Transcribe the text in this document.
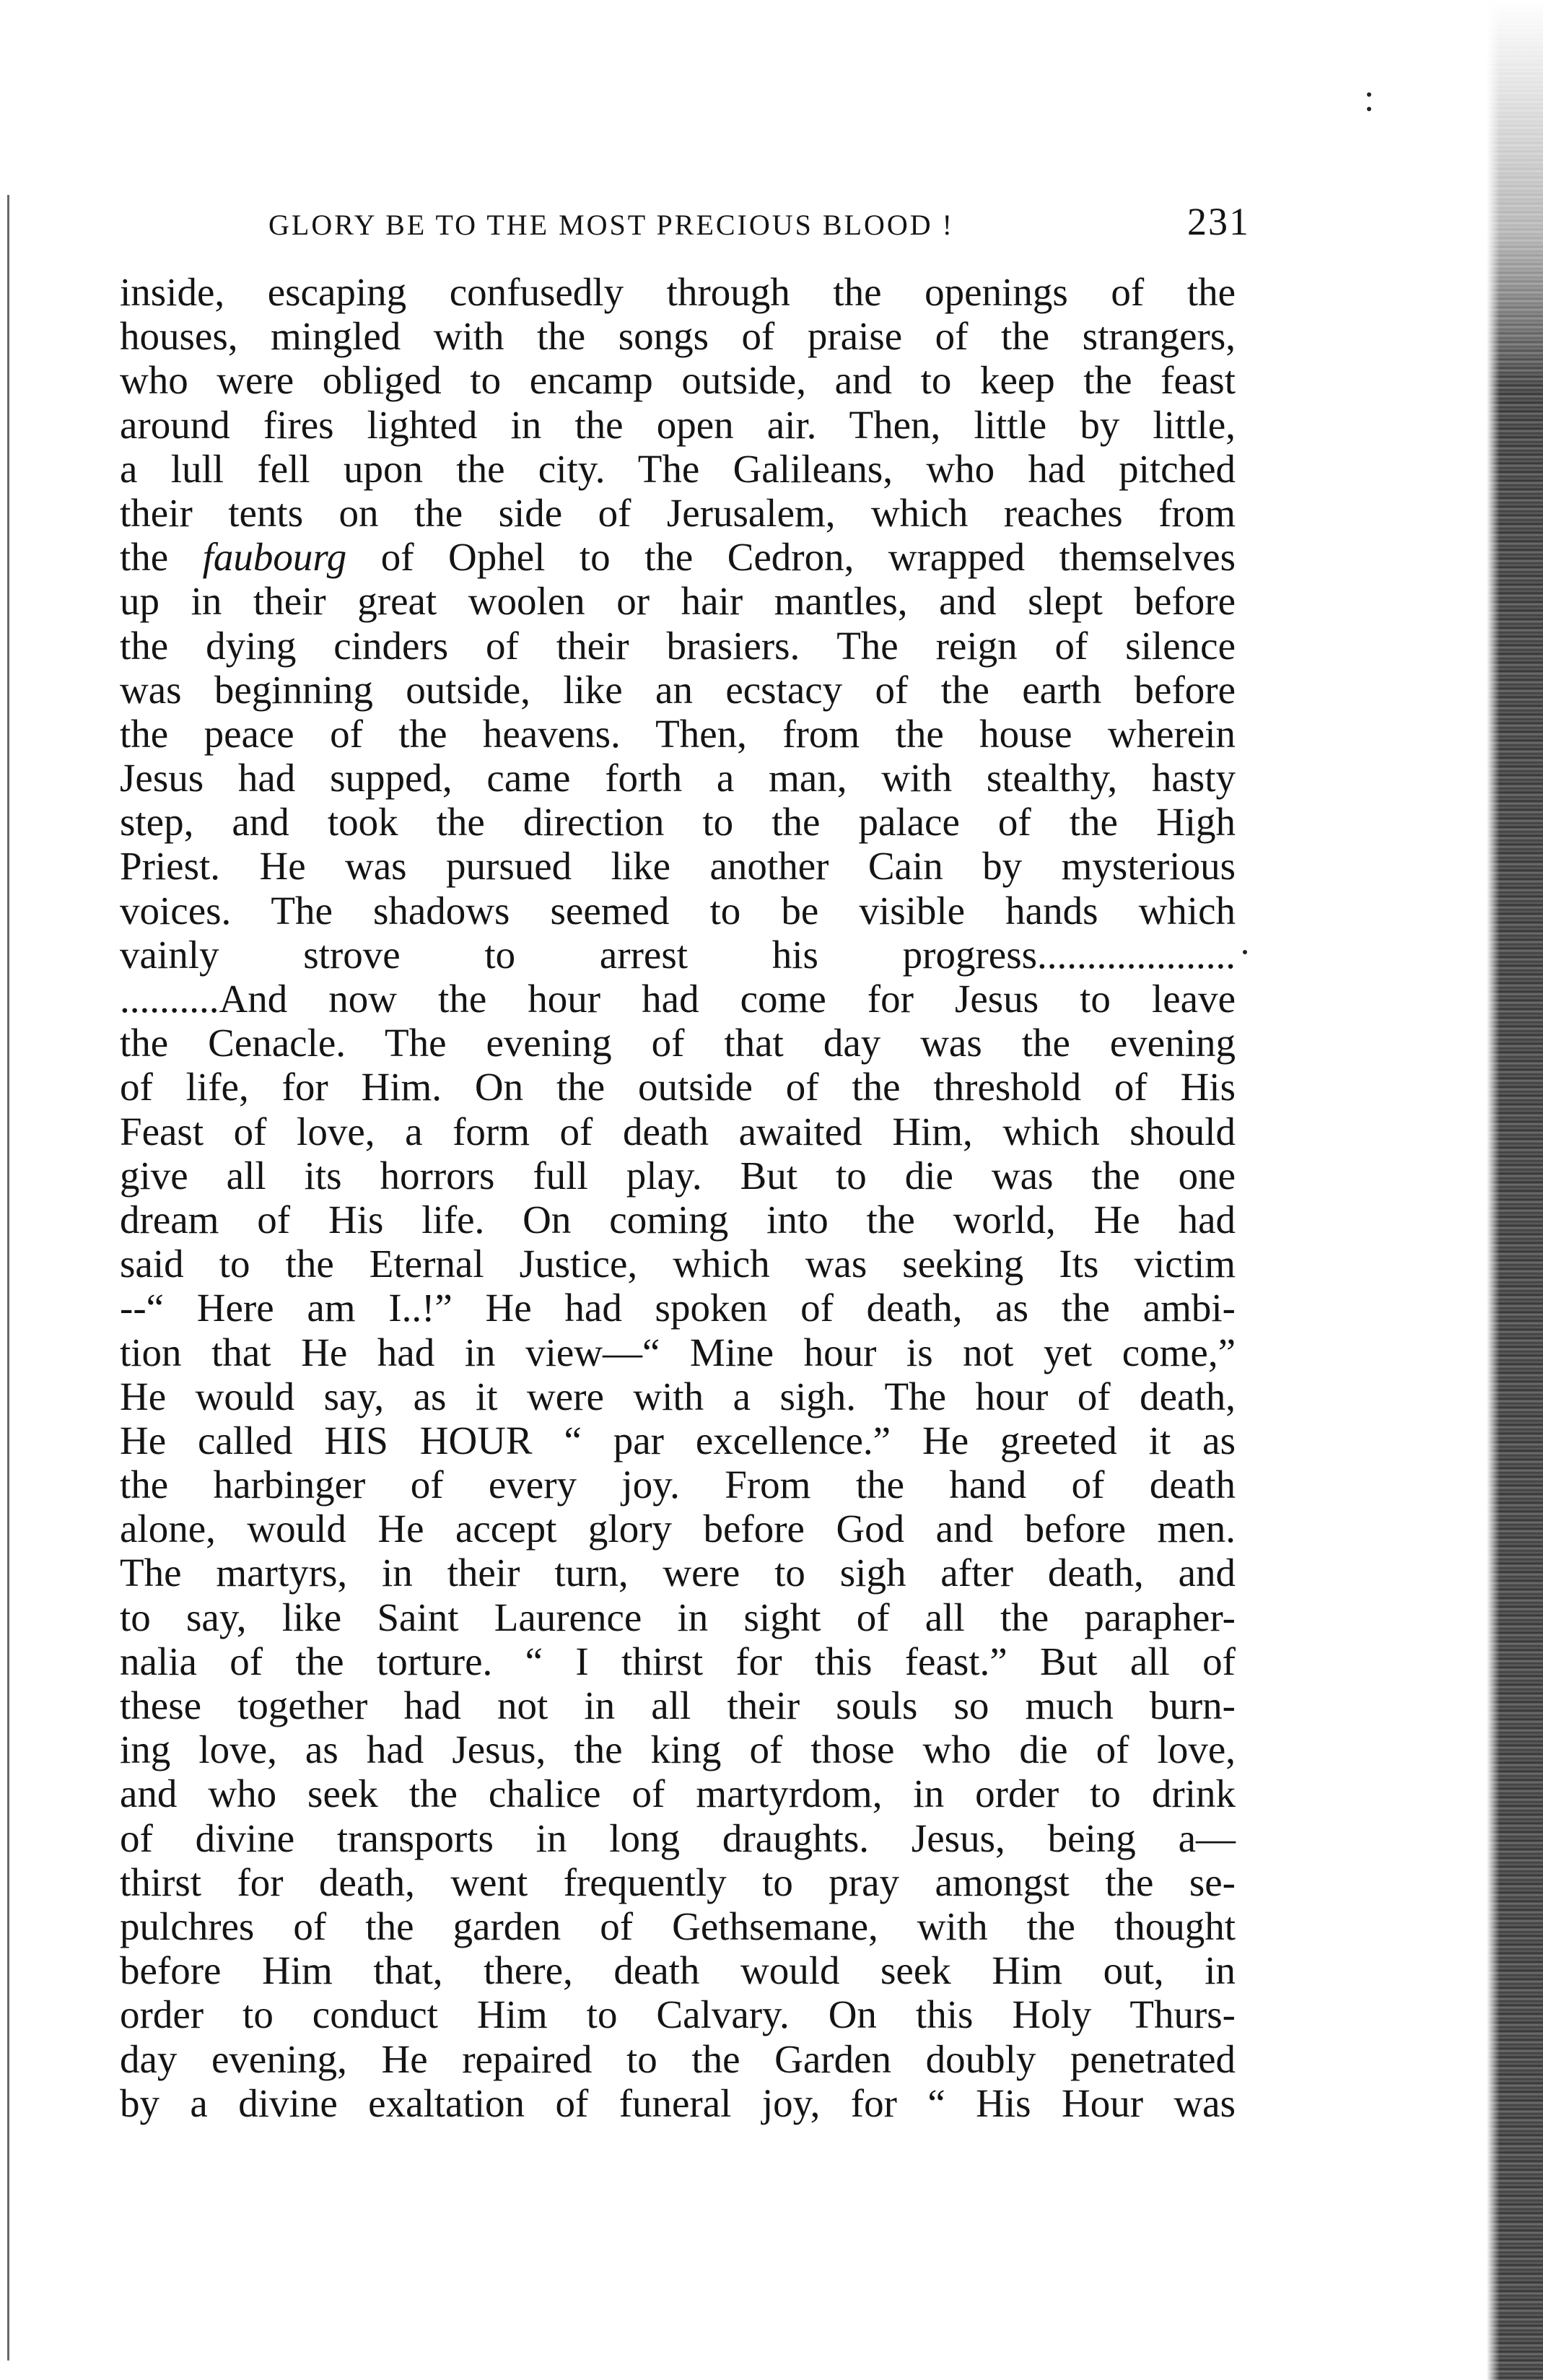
GLORY BE TO THE MOST PRECIOUS BLOOD !	231
inside, escaping confusedly through the openings of the
houses, mingled with the songs of praise of the strangers,
who were obliged to encamp outside, and to keep the feast
around fires lighted in the open air. Then, little by little,
a lull fell upon the city. The Galileans, who had pitched
their tents on the side of Jerusalem, which reaches from
the faubourg of Ophel to the Cedron, wrapped themselves
up in their great woolen or hair mantles, and slept before
the dying cinders of their brasiers. The reign of silence
was beginning outside, like an ecstacy of the earth before
the peace of the heavens. Then, from the house wherein
Jesus had supped, came forth a man, with stealthy, hasty
step, and took the direction to the palace of the High
Priest. He was pursued like another Cain by mysterious
voices. The shadows seemed to be visible hands which
vainly strove to arrest his progress....................
..........And now the hour had come for Jesus to leave
the Cenacle. The evening of that day was the evening
of life, for Him. On the outside of the threshold of His
Feast of love, a form of death awaited Him, which should
give all its horrors full play. But to die was the one
dream of His life. On coming into the world, He had
said to the Eternal Justice, which was seeking Its victim
--“ Here am I..!” He had spoken of death, as the ambi-
tion that He had in view—“ Mine hour is not yet come,”
He would say, as it were with a sigh. The hour of death,
He called HIS HOUR “ par excellence.” He greeted it as
the harbinger of every joy. From the hand of death
alone, would He accept glory before God and before men.
The martyrs, in their turn, were to sigh after death, and
to say, like Saint Laurence in sight of all the parapher-
nalia of the torture. “ I thirst for this feast.” But all of
these together had not in all their souls so much burn-
ing love, as had Jesus, the king of those who die of love,
and who seek the chalice of martyrdom, in order to drink
of divine transports in long draughts. Jesus, being a—
thirst for death, went frequently to pray amongst the se-
pulchres of the garden of Gethsemane, with the thought
before Him that, there, death would seek Him out, in
order to conduct Him to Calvary. On this Holy Thurs-
day evening, He repaired to the Garden doubly penetrated
by a divine exaltation of funeral joy, for “ His Hour was
